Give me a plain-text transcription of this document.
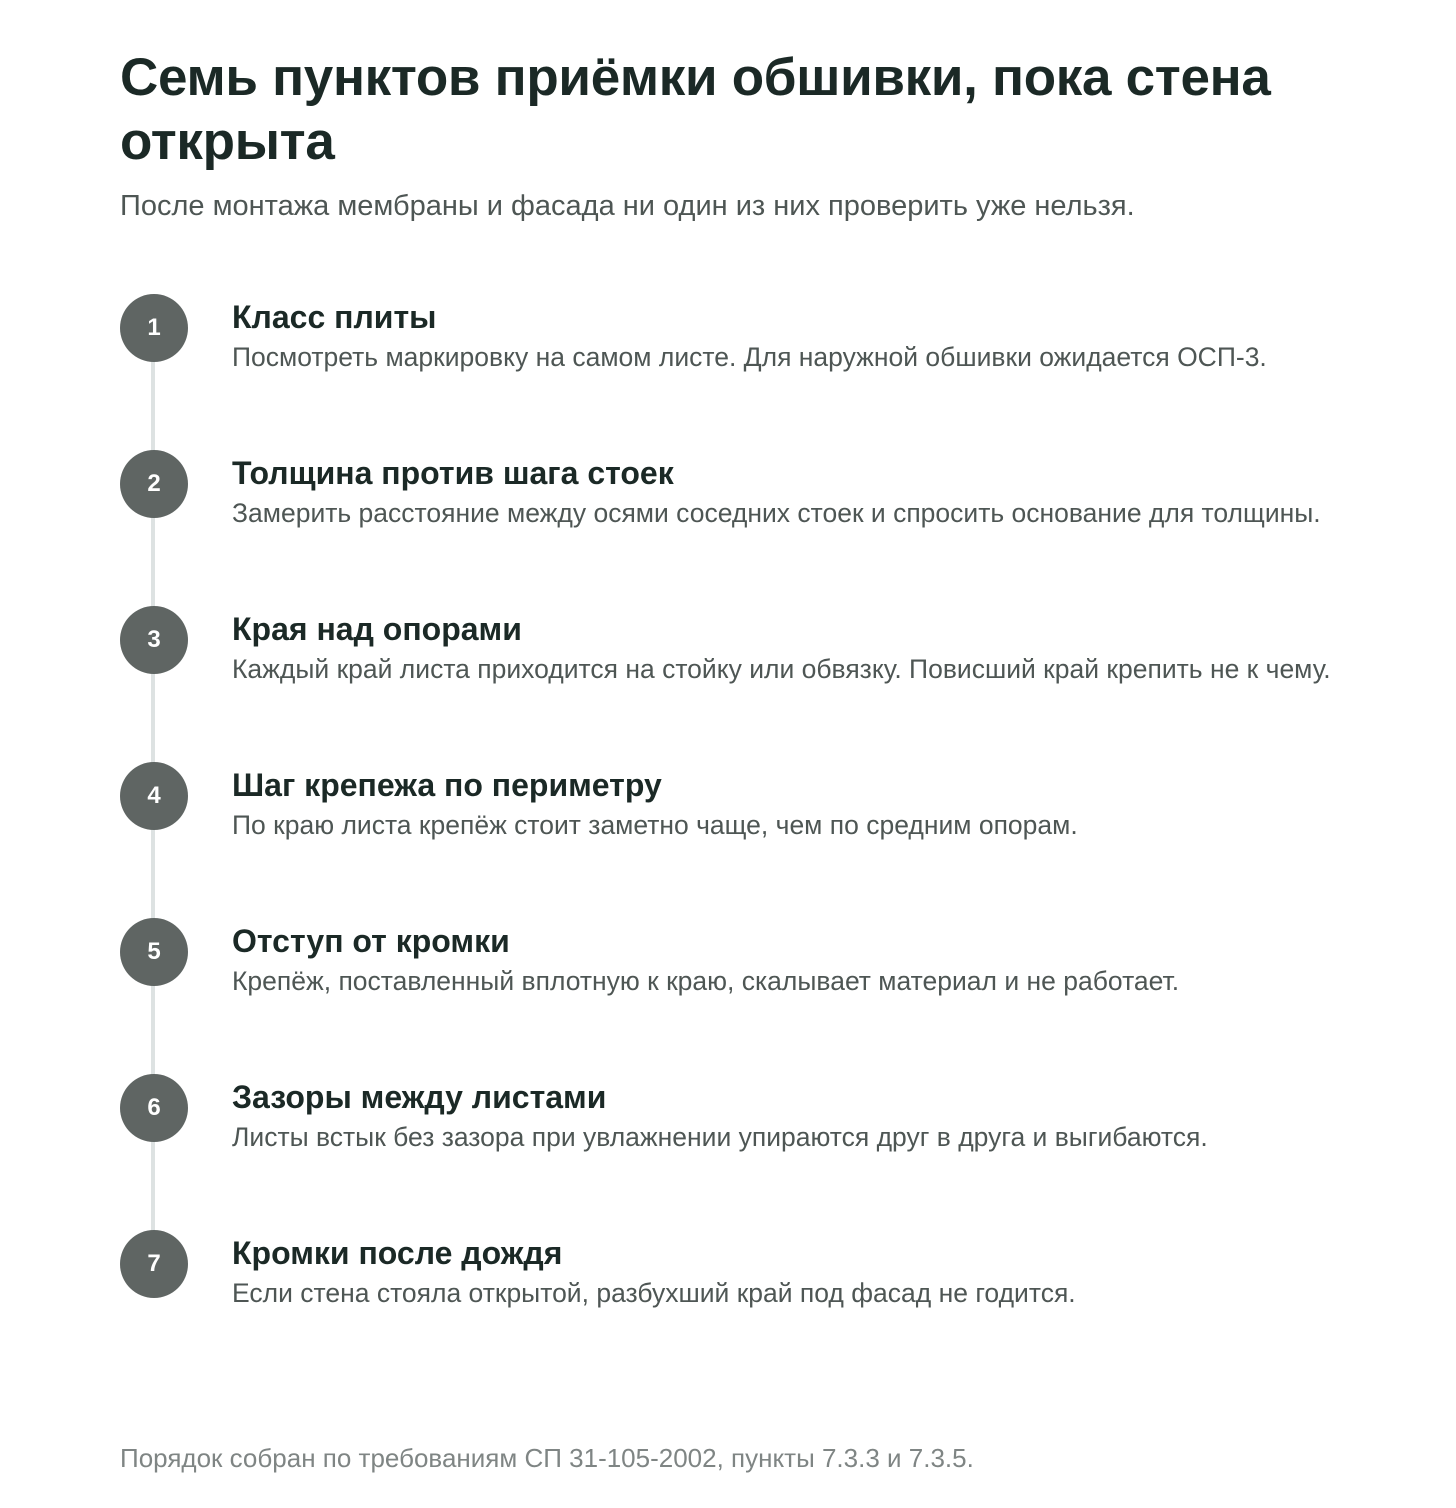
Семь пунктов приёмки обшивки, пока стена открыта

После монтажа мембраны и фасада ни один из них проверить уже нельзя.

1	Класс плиты

Посмотреть маркировку на самом листе. Для наружной обшивки ожидается ОСП-3.

2	Толщина против шага стоек

Замерить расстояние между осями соседних стоек и спросить основание для толщины.

3	Края над опорами

Каждый край листа приходится на стойку или обвязку. Повисший край крепить не к чему.

4	Шаг крепежа по периметру

По краю листа крепёж стоит заметно чаще, чем по средним опорам.

5	Отступ от кромки

Крепёж, поставленный вплотную к краю, скалывает материал и не работает.

6	Зазоры между листами

Листы встык без зазора при увлажнении упираются друг в друга и выгибаются.

7	Кромки после дождя

Если стена стояла открытой, разбухший край под фасад не годится.

Порядок собран по требованиям СП 31-105-2002, пункты 7.3.3 и 7.3.5.
